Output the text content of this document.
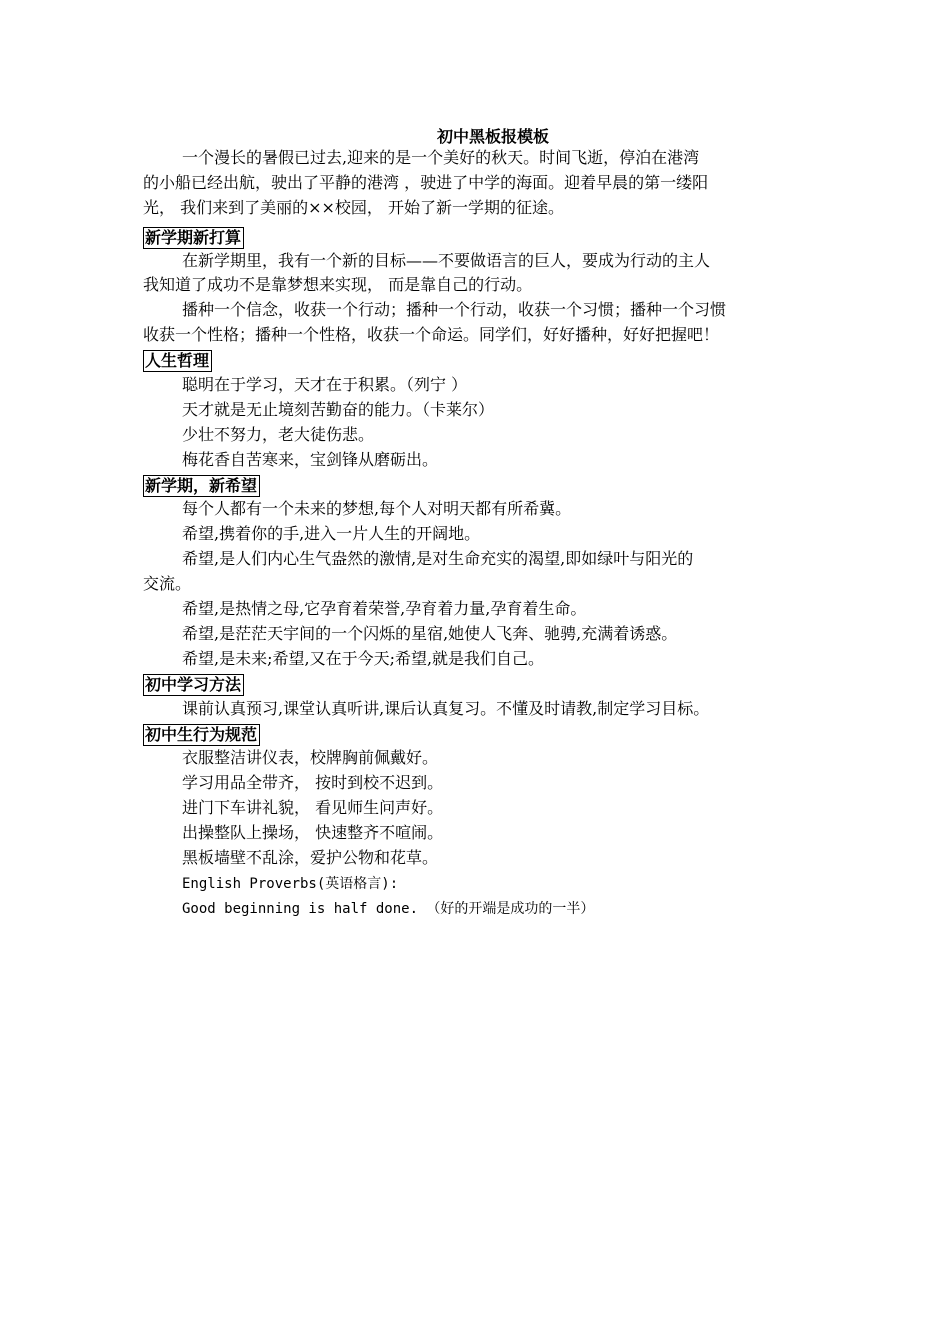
初中黑板报模板
一个漫长的暑假已过去,迎来的是一个美好的秋天。时间飞逝，停泊在港湾
的小船已经出航，驶出了平静的港湾 ，驶进了中学的海面。迎着早晨的第一缕阳
光， 我们来到了美丽的××校园， 开始了新一学期的征途。
新学期新打算
在新学期里，我有一个新的目标——不要做语言的巨人，要成为行动的主人
我知道了成功不是靠梦想来实现， 而是靠自己的行动。
播种一个信念，收获一个行动；播种一个行动，收获一个习惯；播种一个习惯
收获一个性格；播种一个性格，收获一个命运。同学们，好好播种，好好把握吧！
人生哲理
聪明在于学习，天才在于积累。（列宁 ）
天才就是无止境刻苦勤奋的能力。（卡莱尔）
少壮不努力，老大徒伤悲。
梅花香自苦寒来，宝剑锋从磨砺出。
新学期，新希望
每个人都有一个未来的梦想,每个人对明天都有所希冀。
希望,携着你的手,进入一片人生的开阔地。
希望,是人们内心生气盎然的激情,是对生命充实的渴望,即如绿叶与阳光的
交流。
希望,是热情之母,它孕育着荣誉,孕育着力量,孕育着生命。
希望,是茫茫天宇间的一个闪烁的星宿,她使人飞奔、驰骋,充满着诱惑。
希望,是未来;希望,又在于今天;希望,就是我们自己。
初中学习方法
课前认真预习,课堂认真听讲,课后认真复习。不懂及时请教,制定学习目标。
初中生行为规范
衣服整洁讲仪表，校牌胸前佩戴好。
学习用品全带齐， 按时到校不迟到。
进门下车讲礼貌， 看见师生问声好。
出操整队上操场， 快速整齐不喧闹。
黑板墙壁不乱涂，爱护公物和花草。
English Proverbs(英语格言):
Good beginning is half done. （好的开端是成功的一半）
